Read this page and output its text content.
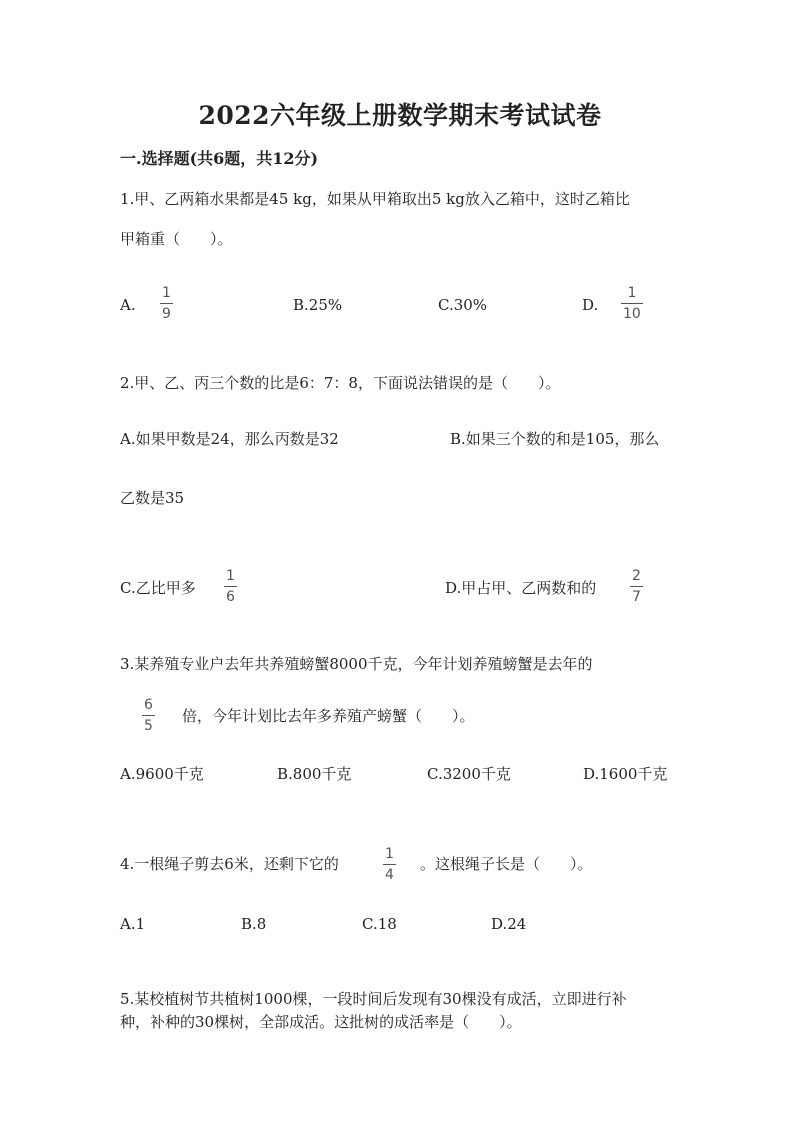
2022六年级上册数学期末考试试卷
一.选择题(共6题，共12分)
1.甲、乙两箱水果都是45 kg，如果从甲箱取出5 kg放入乙箱中，这时乙箱比
甲箱重（　　）。
A.
1
9	B.25%	C.30%	D.
1
10
2.甲、乙、丙三个数的比是6：7：8，下面说法错误的是（　　）。
A.如果甲数是24，那么丙数是32	B.如果三个数的和是105，那么
乙数是35
C.乙比甲多
1
6	D.甲占甲、乙两数和的
2
7
3.某养殖专业户去年共养殖螃蟹8000千克，今年计划养殖螃蟹是去年的
6
5
倍，今年计划比去年多养殖产螃蟹（　　）。
A.9600千克	B.800千克	C.3200千克	D.1600千克
4.一根绳子剪去6米，还剩下它的
1
4
。这根绳子长是（　　）。
A.1	B.8	C.18	D.24
5.某校植树节共植树1000棵，一段时间后发现有30棵没有成活，立即进行补
种，补种的30棵树，全部成活。这批树的成活率是（　　）。
